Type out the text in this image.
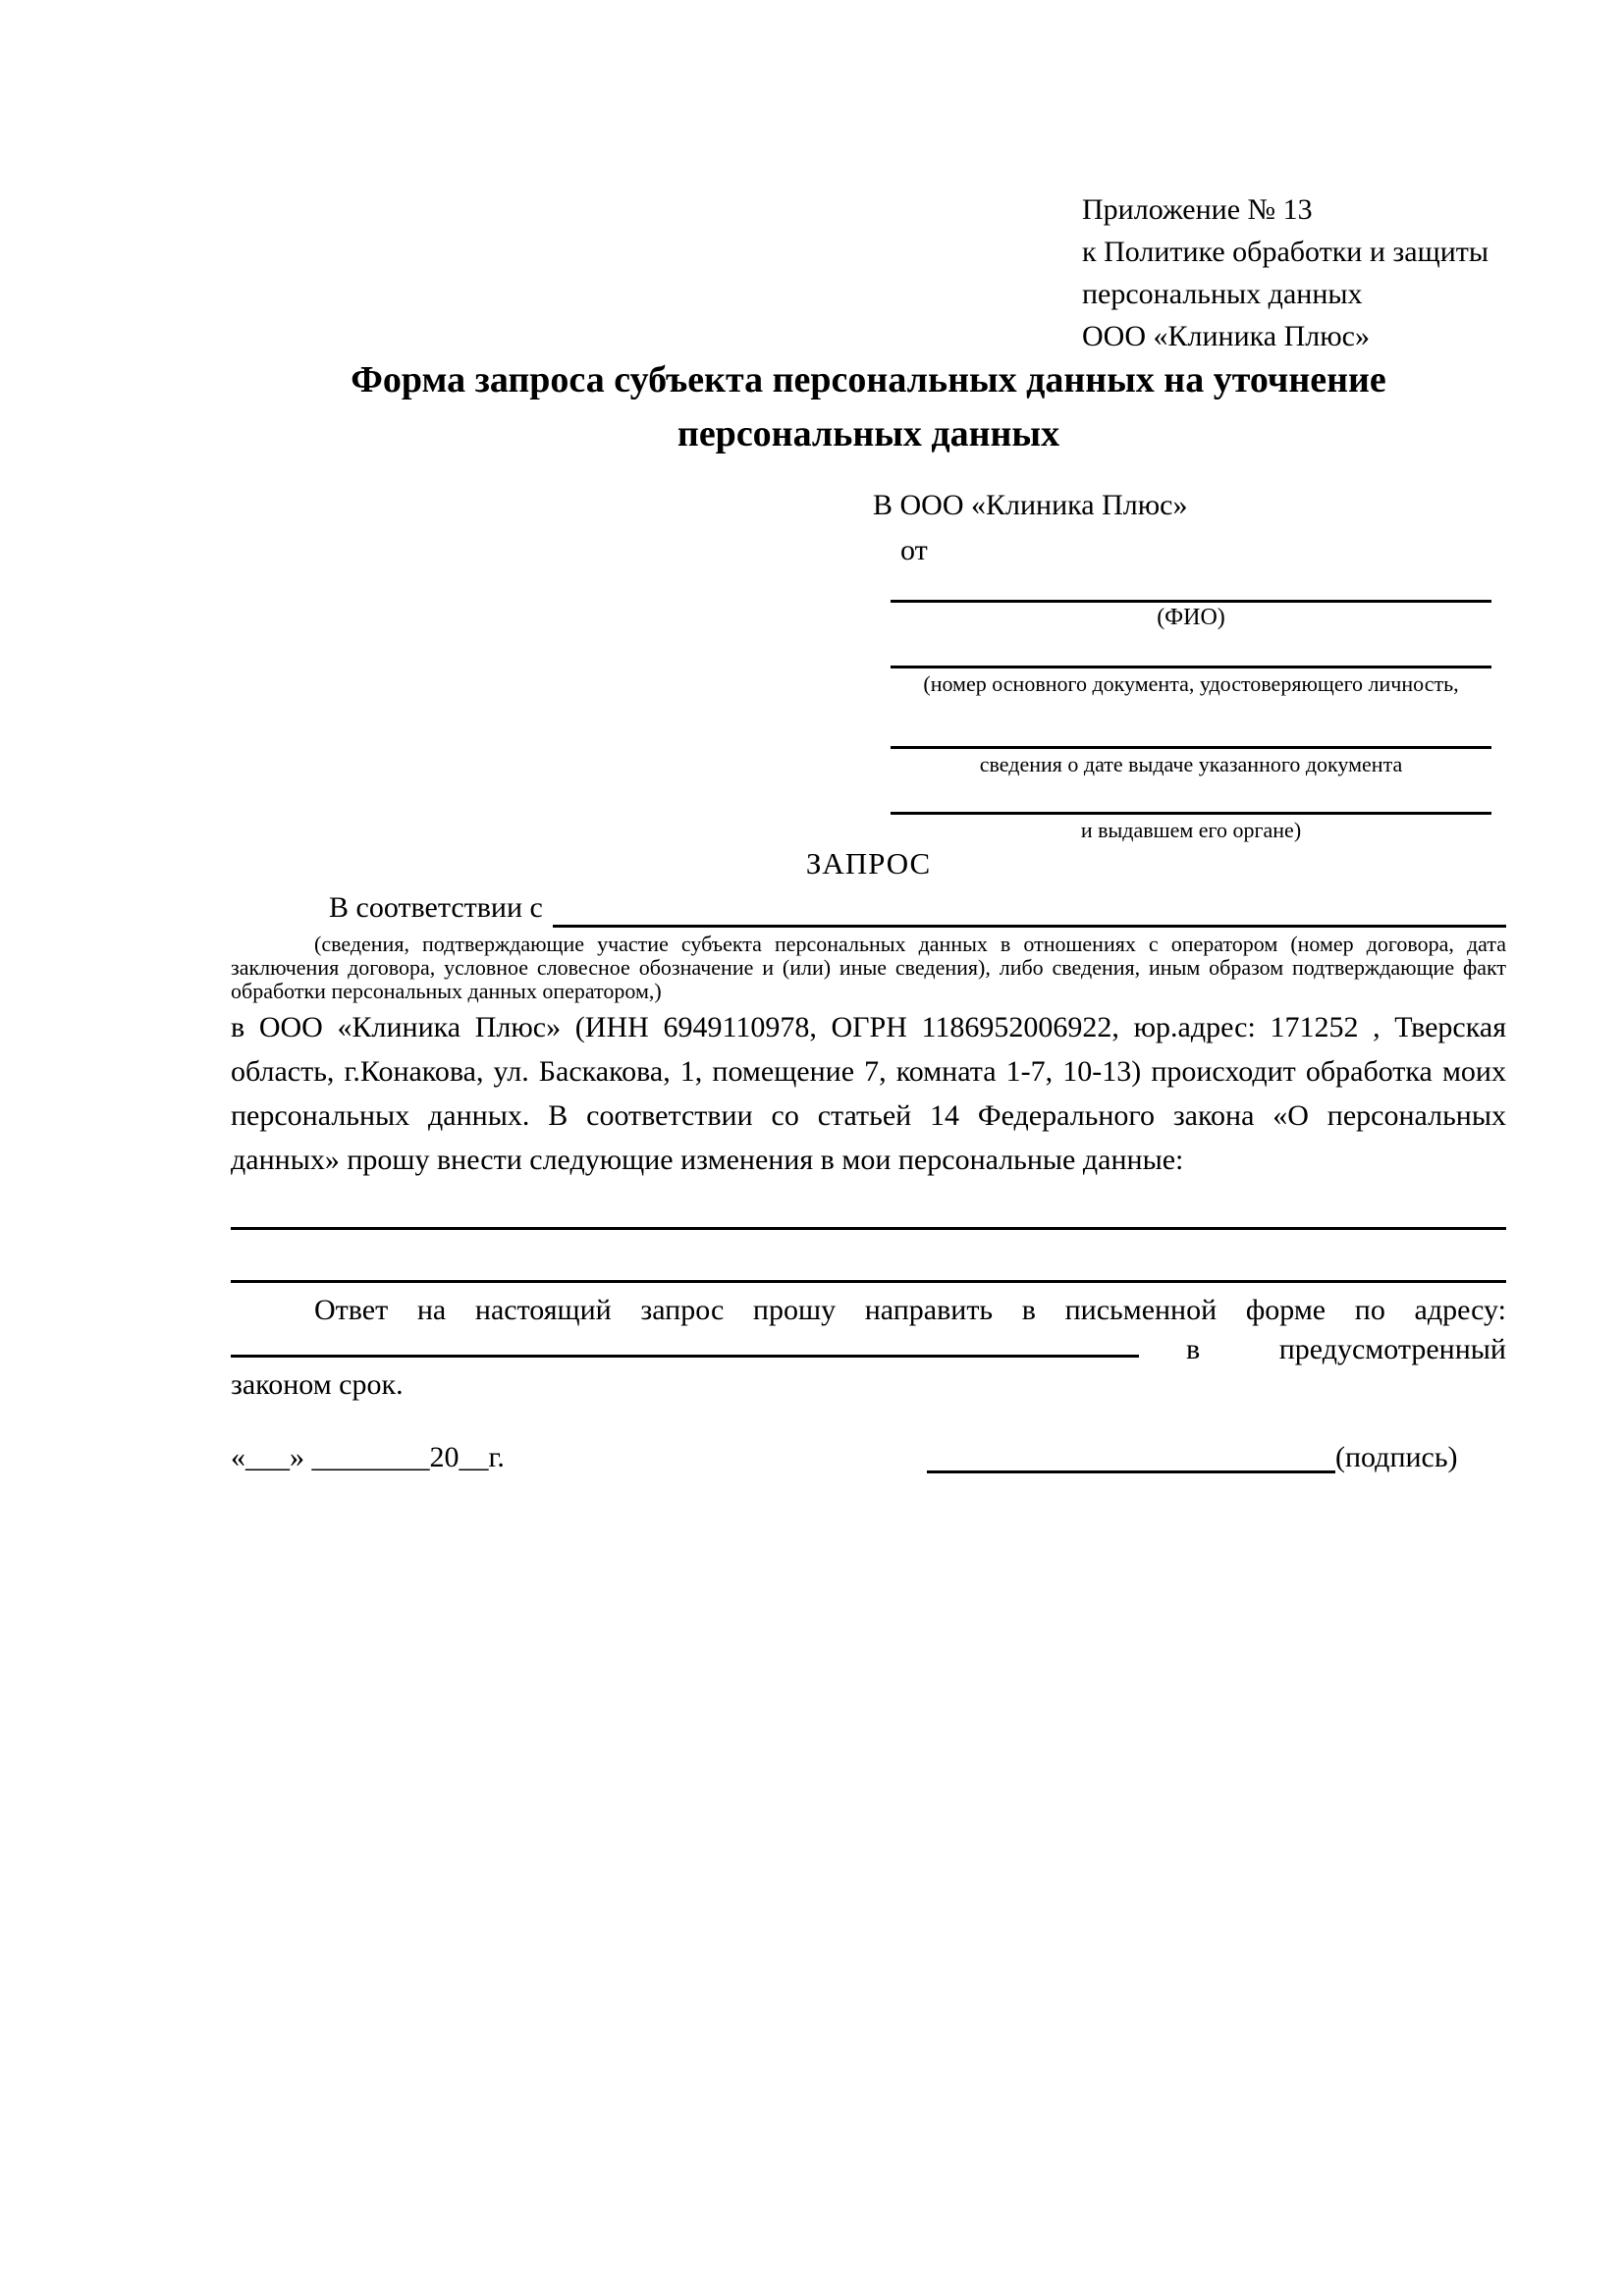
Приложение № 13
к Политике обработки и защиты
персональных данных
ООО «Клиника Плюс»
Форма запроса субъекта персональных данных на уточнение персональных данных
В ООО «Клиника Плюс»
от
(ФИО)
(номер основного документа, удостоверяющего личность,
сведения о дате выдаче указанного документа
и выдавшем его органе)
ЗАПРОС
В соответствии с
(сведения, подтверждающие участие субъекта персональных данных в отношениях с оператором (номер договора, дата заключения договора, условное словесное обозначение и (или) иные сведения), либо сведения, иным образом подтверждающие факт обработки персональных данных оператором,)
в ООО «Клиника Плюс» (ИНН 6949110978, ОГРН 1186952006922, юр.адрес: 171252 , Тверская область, г.Конакова, ул. Баскакова, 1, помещение 7, комната 1-7, 10-13) происходит обработка моих персональных данных. В соответствии со статьей 14 Федерального закона «О персональных данных» прошу внести следующие изменения в мои персональные данные:
Ответ на настоящий запрос прошу направить в письменной форме по адресу:
в	предусмотренный
законом срок.
«___» ________20__г.	(подпись)
